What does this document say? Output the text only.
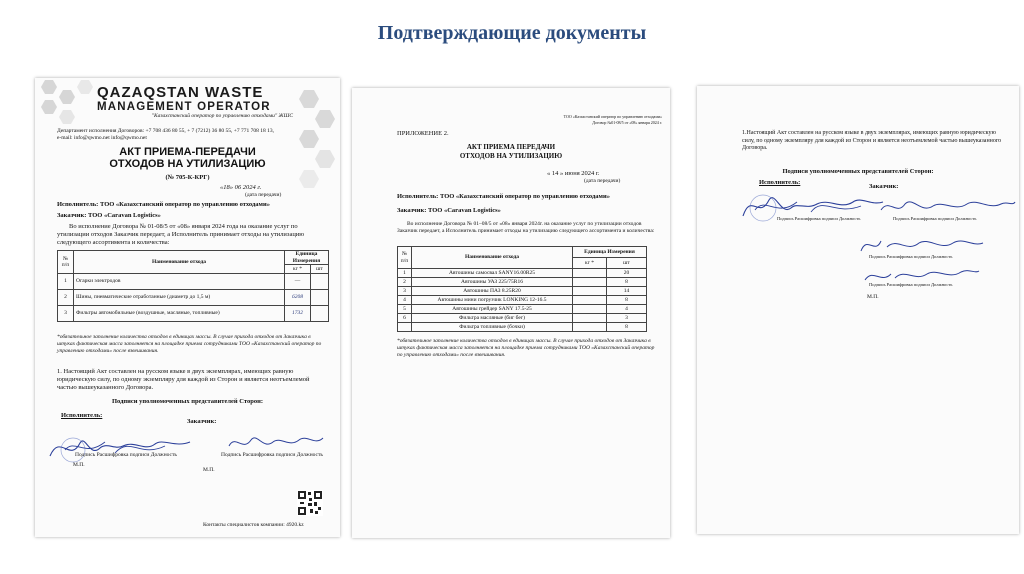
Подтверждающие документы
QAZAQSTAN WASTE
MANAGEMENT OPERATOR
"Казахстанский оператор по управлению отходами" ЖШС
Департамент исполнения Договоров: +7 708 436 80 55, + 7 (7212) 36 80 55, +7 771 708 18 13,
e-mail: info@qwmo.net info@qwmo.net
АКТ ПРИЕМА-ПЕРЕДАЧИ
ОТХОДОВ НА УТИЛИЗАЦИЮ
(№ 705-К-КРГ)
«18» 06 2024 г.
(дата передачи)
Исполнитель: ТОО «Казахстанский оператор по управлению отходами»
Заказчик: ТОО «Caravan Logistics»
Во исполнение Договора № 01-08/5 от «08» января 2024 года на оказание услуг по утилизации отходов Заказчик передает, а Исполнитель принимает отходы на утилизацию следующего ассортимента и количества:
№ п/п	Наименование отхода	Единица Измерения	
		кг *	шт
1	Огарки электродов	—	
2	Шины, пневматические отработанные (диаметр до 1,5 м)	6208	
3	Фильтры автомобильные (воздушные, масляные, топливные)	1732	
*обязательное заполнение количества отходов в единицах массы. В случае прихода отходов от Заказчика в штуках фактическая масса заполняется на площадке приема сотрудниками ТОО «Казахстанский оператор по управлению отходами» после взвешивания.
1. Настоящий Акт составлен на русском языке в двух экземплярах, имеющих равную юридическую силу, по одному экземпляру для каждой из Сторон и является неотъемлемой частью вышеуказанного Договора.
Подписи уполномоченных представителей Сторон:
Исполнитель:
Заказчик:
Подпись Расшифровка подписи Должность	Подпись Расшифровка подписи Должность
М.П.
М.П.
Контакты специалистов компании: 4920.kz
ТОО «Казахстанский оператор по управлению отходами»
Договор №01-08/5 от «08» января 2024 г.
ПРИЛОЖЕНИЕ 2.
АКТ ПРИЕМА ПЕРЕДАЧИ
ОТХОДОВ НА УТИЛИЗАЦИЮ
« 14 » июня 2024 г.
(дата передачи)
Исполнитель: ТОО «Казахстанский оператор по управлению отходами»
Заказчик: ТОО «Caravan Logistics»
Во исполнение Договора № 01–08/5 от «08» января 2024г. на оказание услуг по утилизации отходов Заказчик передает, а Исполнитель принимает отходы на утилизацию следующего ассортимента и количества:
№ п/п	Наименование отхода	Единица Измерения	
		кг *	шт
1	Автошины самосвал SANY16.00R25		20
2	Автошины УАЗ 225/75R16		8
3	Автошины ПАЗ 8.25R20		14
4	Автошины мини погрузчик LONKING 12-16.5		8
5	Автошины грейдер SANY 17.5-25		4
6	Фильтра масляные (биг бег)		3
	Фильтра топливные (бочки)		8
*обязательное заполнение количества отходов в единицах массы. В случае прихода отходов от Заказчика в штуках фактическая масса заполняется на площадке приема сотрудниками ТОО «Казахстанский оператор по управлению отходами» после взвешивания.
1.Настоящий Акт составлен на русском языке в двух экземплярах, имеющих равную юридическую силу, по одному экземпляру для каждой из Сторон и является неотъемлемой частью вышеуказанного Договора.
Подписи уполномоченных представителей Сторон:
Исполнитель:
Заказчик:
Подпись Расшифровка подписи Должность	Подпись Расшифровка подписи Должность
Подпись Расшифровка подписи Должность
Подпись Расшифровка подписи Должность
М.П.
